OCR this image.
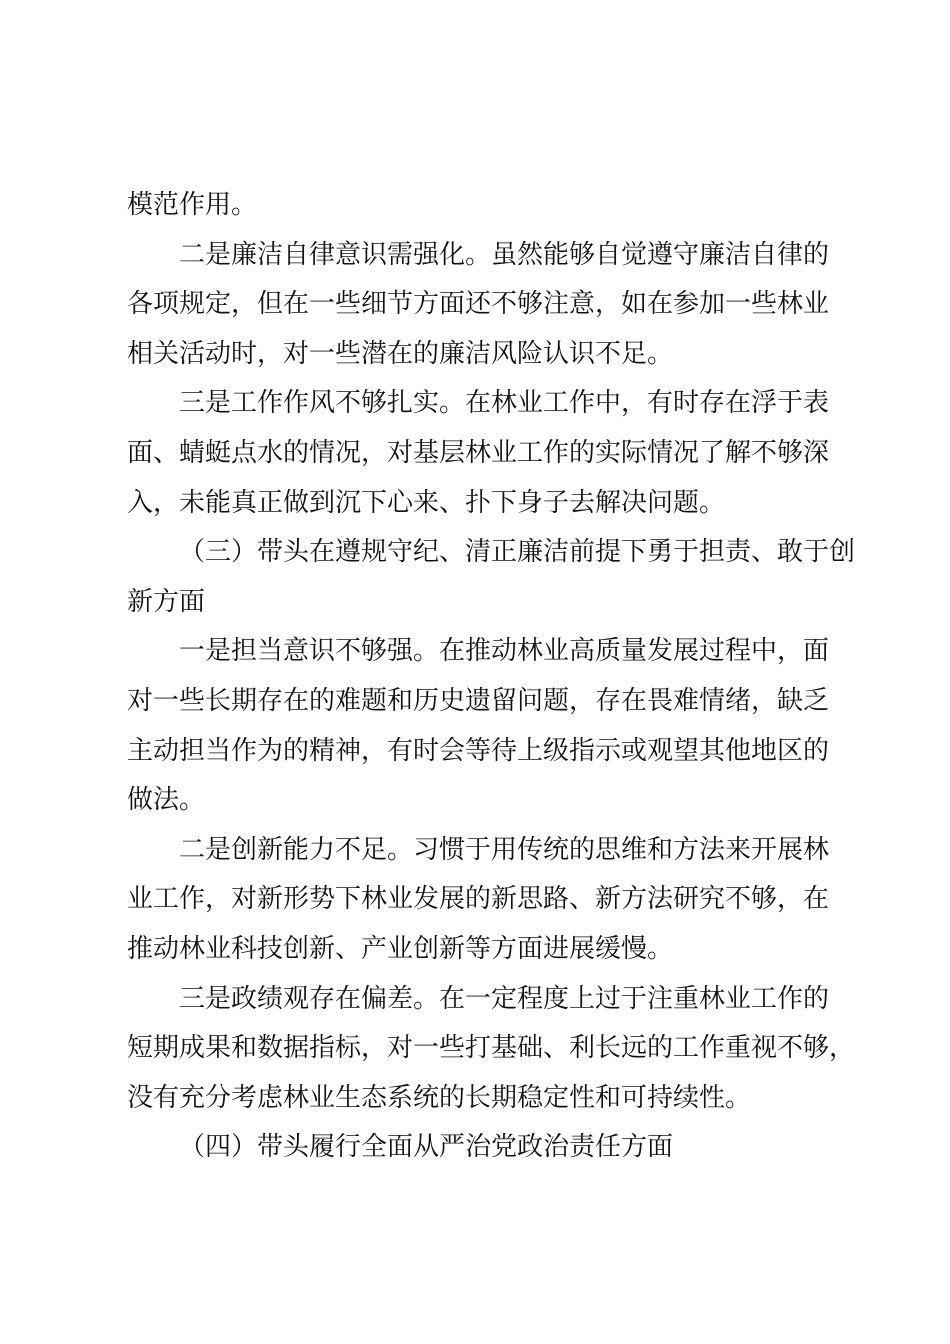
模范作用。
二是廉洁自律意识需强化。虽然能够自觉遵守廉洁自律的
各项规定，但在一些细节方面还不够注意，如在参加一些林业
相关活动时，对一些潜在的廉洁风险认识不足。
三是工作作风不够扎实。在林业工作中，有时存在浮于表
面、蜻蜓点水的情况，对基层林业工作的实际情况了解不够深
入，未能真正做到沉下心来、扑下身子去解决问题。
（三）带头在遵规守纪、清正廉洁前提下勇于担责、敢于创
新方面
一是担当意识不够强。在推动林业高质量发展过程中，面
对一些长期存在的难题和历史遗留问题，存在畏难情绪，缺乏
主动担当作为的精神，有时会等待上级指示或观望其他地区的
做法。
二是创新能力不足。习惯于用传统的思维和方法来开展林
业工作，对新形势下林业发展的新思路、新方法研究不够，在
推动林业科技创新、产业创新等方面进展缓慢。
三是政绩观存在偏差。在一定程度上过于注重林业工作的
短期成果和数据指标，对一些打基础、利长远的工作重视不够，
没有充分考虑林业生态系统的长期稳定性和可持续性。
（四）带头履行全面从严治党政治责任方面
